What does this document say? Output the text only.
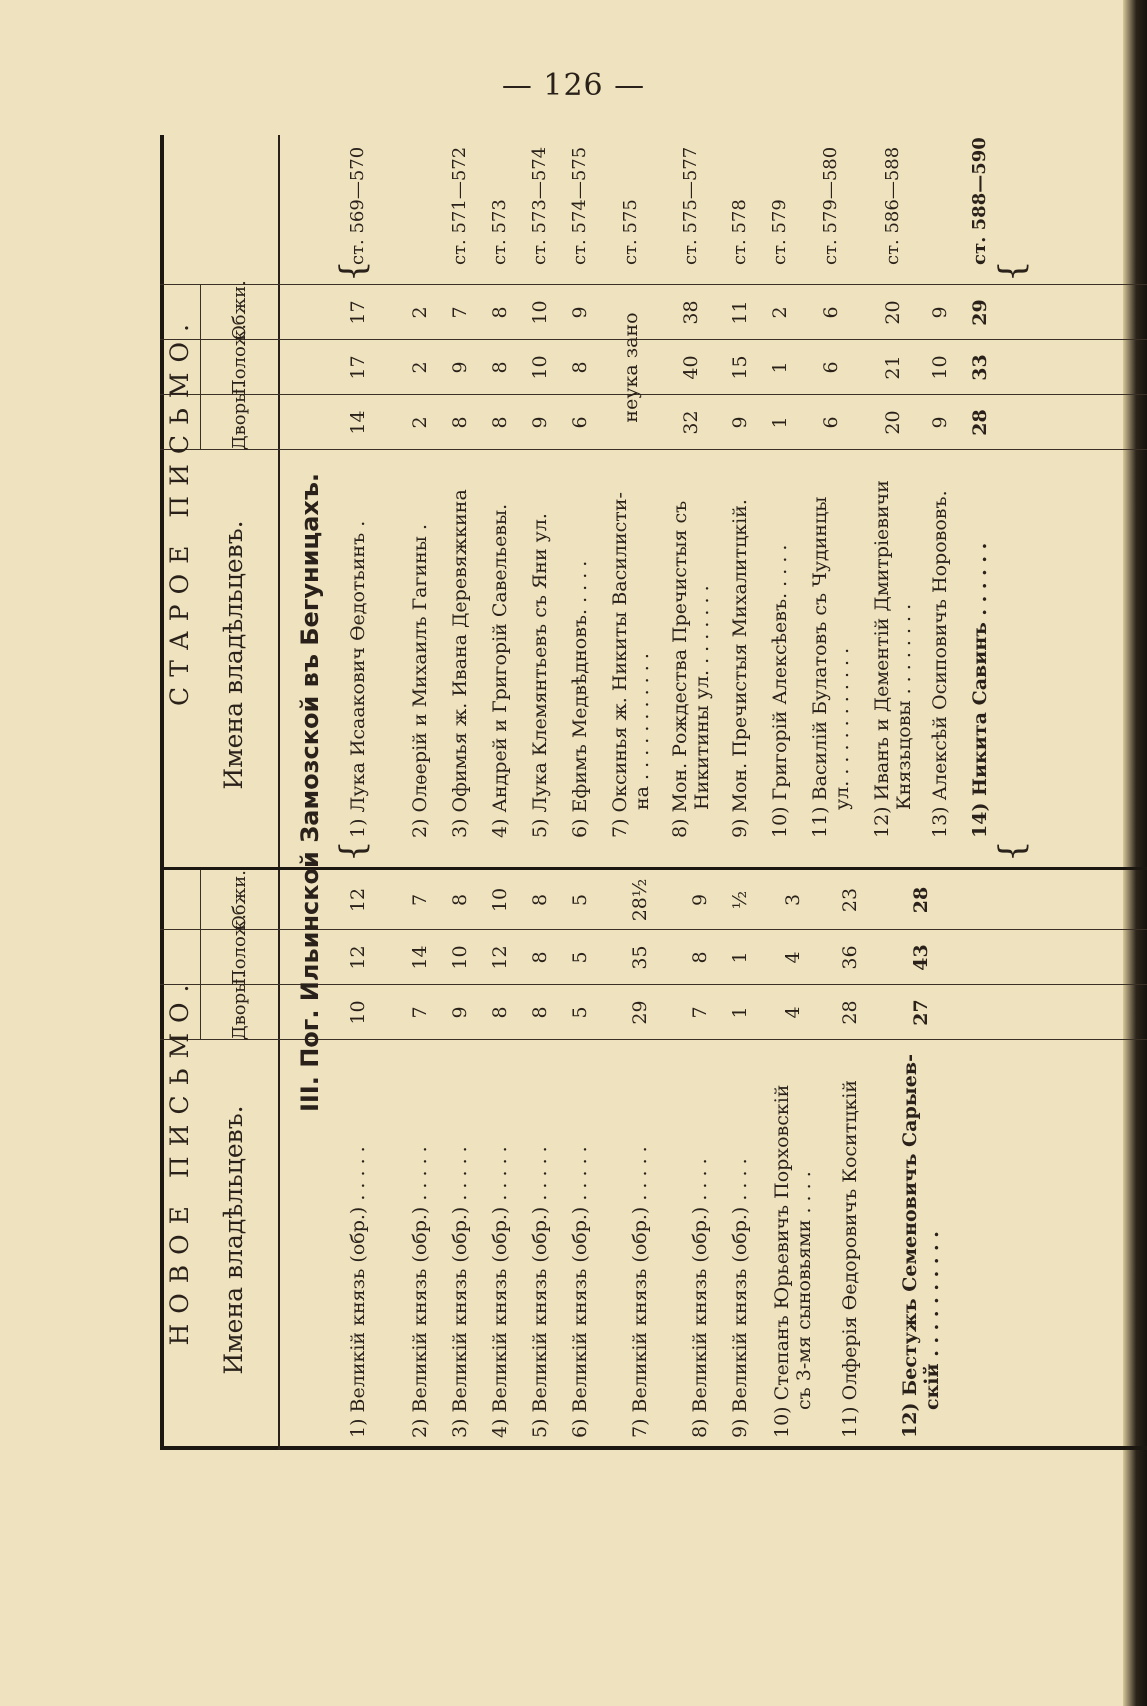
— 126 —
НОВОЕ ПИСЬМО.
СТАРОЕ ПИСЬМО.
Имена владѣльцевъ.
Дворы.
Пoлoж.
Обжи.
Имена владѣльцевъ.
Дворы.
Пoлoж.
Обжи.
III. Пог. Ильинской Замозской въ Бегуницахъ. {
{
{
{
1) Великій князь (обр.) . . . . .
10
12
12
2) Великій князь (обр.) . . . . .
7
14
7
3) Великій князь (обр.) . . . . .
9
10
8
4) Великій князь (обр.) . . . . .
8
12
10
5) Великій князь (обр.) . . . . .
8
8
8
6) Великій князь (обр.) . . . . .
5
5
5
7) Великій князь (обр.) . . . . .
29
35
28½
8) Великій князь (обр.) . . . .
7
8
9
9) Великій князь (обр.) . . . .
1
1
½
10) Степанъ Юрьевичъ Порховскій съ 3-мя сыновьями . . . .
4
4
3
11) Олферія Өедоровичъ Коситцкій
28
36
23
12) Бестужъ Семеновичъ Сарыев- скій . . . . . . . . . .
27
43
28
1) Лука Исаакович Өедотьинъ .
14
17
17
ст. 569—570
2) Олѳерій и Михаилъ Гагины .
2
2
2
3) Офимья ж. Ивана Деревяжкина
8
9
7
ст. 571—572
4) Андрей и Григорій Савельевы.
8
8
8
ст. 573
5) Лука Клемянтьевъ съ Яни ул.
9
10
10
ст. 573—574
6) Ефимъ Медвѣдновъ. . . . .
6
8
9
ст. 574—575
7) Оксинья ж. Никиты Василисти- на . . . . . . . . . . .
неука зано
ст. 575
8) Мон. Рождества Пречистыя съ Никитины ул. . . . . . . .
32
40
38
ст. 575—577
9) Мон. Пречистыя Михалитцкій.
9
15
11
ст. 578
10) Григорій Алексѣевъ. . . . .
1
1
2
ст. 579
11) Василій Булатовъ съ Чудинцы ул. . . . . . . . . . . .
6
6
6
ст. 579—580
12) Иванъ и Дементій Дмитріевичи Князьцовы . . . . . . . .
20
21
20
ст. 586—588
13) Алексѣй Осиповичъ Норововъ.
9
10
9
14) Никита Савинъ . . . . . .
28
33
29
ст. 588—590
